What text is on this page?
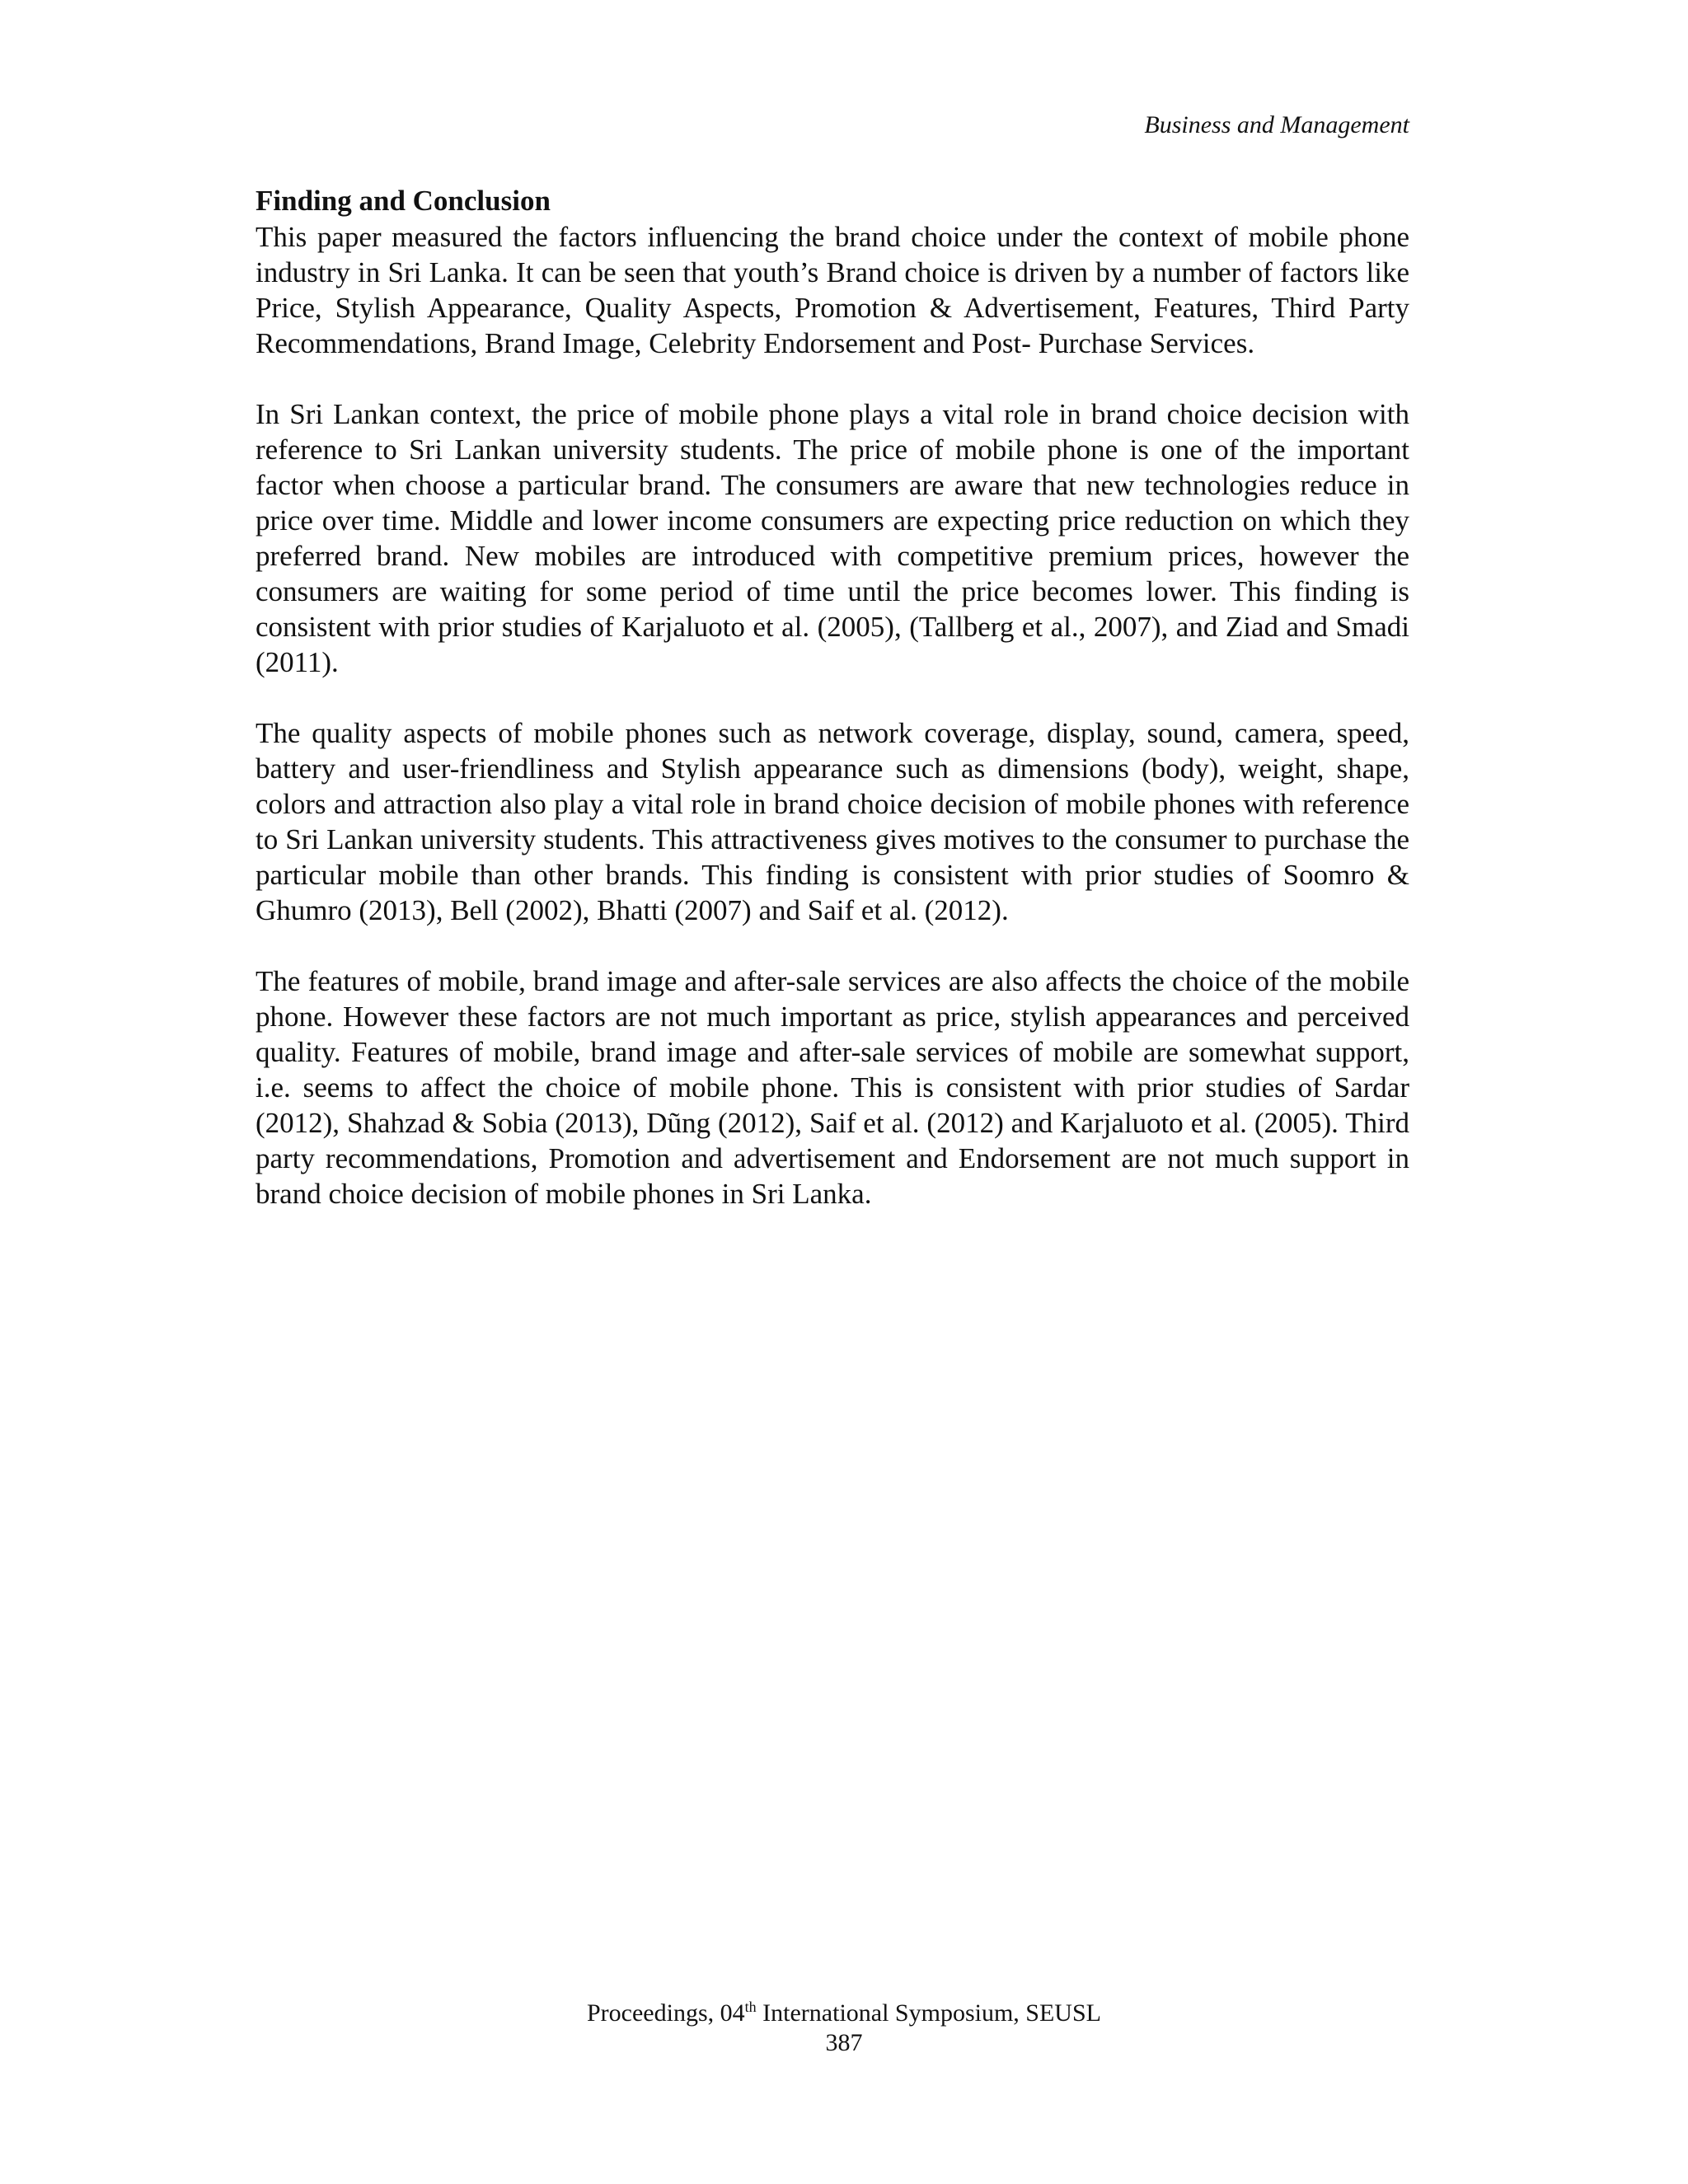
Business and Management
Finding and Conclusion

This paper measured the factors influencing the brand choice under the context of mobile phone industry in Sri Lanka. It can be seen that youth’s Brand choice is driven by a number of factors like Price, Stylish Appearance, Quality Aspects, Promotion & Advertisement, Features, Third Party Recommendations, Brand Image, Celebrity Endorsement and Post- Purchase Services.

In Sri Lankan context, the price of mobile phone plays a vital role in brand choice decision with reference to Sri Lankan university students. The price of mobile phone is one of the important factor when choose a particular brand. The consumers are aware that new technologies reduce in price over time. Middle and lower income consumers are expecting price reduction on which they preferred brand. New mobiles are introduced with competitive premium prices, however the consumers are waiting for some period of time until the price becomes lower. This finding is consistent with prior studies of Karjaluoto et al. (2005), (Tallberg et al., 2007), and Ziad and Smadi (2011).

The quality aspects of mobile phones such as network coverage, display, sound, camera, speed, battery and user-friendliness and Stylish appearance such as dimensions (body), weight, shape, colors and attraction also play a vital role in brand choice decision of mobile phones with reference to Sri Lankan university students. This attractiveness gives motives to the consumer to purchase the particular mobile than other brands. This finding is consistent with prior studies of Soomro & Ghumro (2013), Bell (2002), Bhatti (2007) and Saif et al. (2012).

The features of mobile, brand image and after-sale services are also affects the choice of the mobile phone. However these factors are not much important as price, stylish appearances and perceived quality. Features of mobile, brand image and after-sale services of mobile are somewhat support, i.e. seems to affect the choice of mobile phone. This is consistent with prior studies of Sardar (2012), Shahzad & Sobia (2013), Dũng (2012), Saif et al. (2012) and Karjaluoto et al. (2005). Third party recommendations, Promotion and advertisement and Endorsement are not much support in brand choice decision of mobile phones in Sri Lanka.

Proceedings, 04th International Symposium, SEUSL
387
